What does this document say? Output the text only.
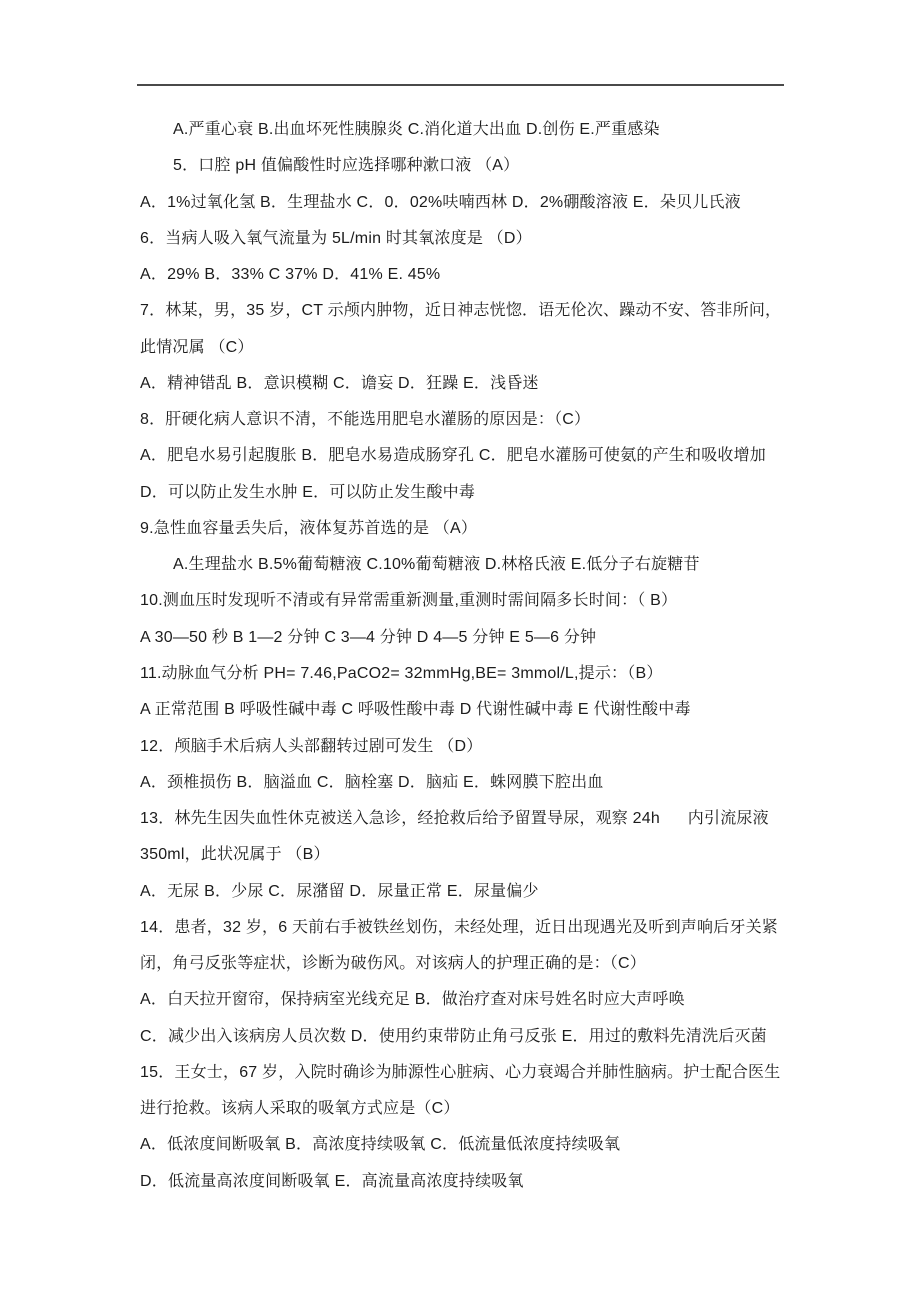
A.严重心衰 B.出血坏死性胰腺炎 C.消化道大出血 D.创伤 E.严重感染
5．口腔 pH 值偏酸性时应选择哪种漱口液 （A）
A．1%过氧化氢 B．生理盐水 C．0．02%呋喃西林 D．2%硼酸溶液 E．朵贝儿氏液
6．当病人吸入氧气流量为 5L/min 时其氧浓度是 （D）
A．29% B．33% C 37% D．41% E. 45%
7．林某，男，35 岁，CT 示颅内肿物，近日神志恍惚．语无伦次、躁动不安、答非所问，
此情况属 （C）
A．精神错乱 B．意识模糊 C．谵妄 D．狂躁 E．浅昏迷
8．肝硬化病人意识不清，不能选用肥皂水灌肠的原因是：（C）
A．肥皂水易引起腹胀 B．肥皂水易造成肠穿孔 C．肥皂水灌肠可使氨的产生和吸收增加
D．可以防止发生水肿 E．可以防止发生酸中毒
9.急性血容量丢失后，液体复苏首选的是 （A）
A.生理盐水 B.5%葡萄糖液 C.10%葡萄糖液 D.林格氏液 E.低分子右旋糖苷
10.测血压时发现听不清或有异常需重新测量,重测时需间隔多长时间：（ B）
A 30—50 秒 B 1—2 分钟 C 3—4 分钟 D 4—5 分钟 E 5—6 分钟
11.动脉血气分析 PH= 7.46,PaCO2= 32mmHg,BE= 3mmol/L,提示：（B）
A 正常范围 B 呼吸性碱中毒 C 呼吸性酸中毒 D 代谢性碱中毒 E 代谢性酸中毒
12．颅脑手术后病人头部翻转过剧可发生 （D）
A．颈椎损伤 B．脑溢血 C．脑栓塞 D．脑疝 E．蛛网膜下腔出血
13．林先生因失血性休克被送入急诊，经抢救后给予留置导尿，观察 24h      内引流尿液
350ml，此状况属于 （B）
A．无尿 B．少尿 C．尿潴留 D．尿量正常 E．尿量偏少
14．患者，32 岁，6 天前右手被铁丝划伤，未经处理，近日出现遇光及听到声响后牙关紧
闭，角弓反张等症状，诊断为破伤风。对该病人的护理正确的是：（C）
A．白天拉开窗帘，保持病室光线充足 B．做治疗查对床号姓名时应大声呼唤
C．减少出入该病房人员次数 D．使用约束带防止角弓反张 E．用过的敷料先清洗后灭菌
15．王女士，67 岁，入院时确诊为肺源性心脏病、心力衰竭合并肺性脑病。护士配合医生
进行抢救。该病人采取的吸氧方式应是（C）
A．低浓度间断吸氧 B．高浓度持续吸氧 C．低流量低浓度持续吸氧
D．低流量高浓度间断吸氧 E．高流量高浓度持续吸氧
